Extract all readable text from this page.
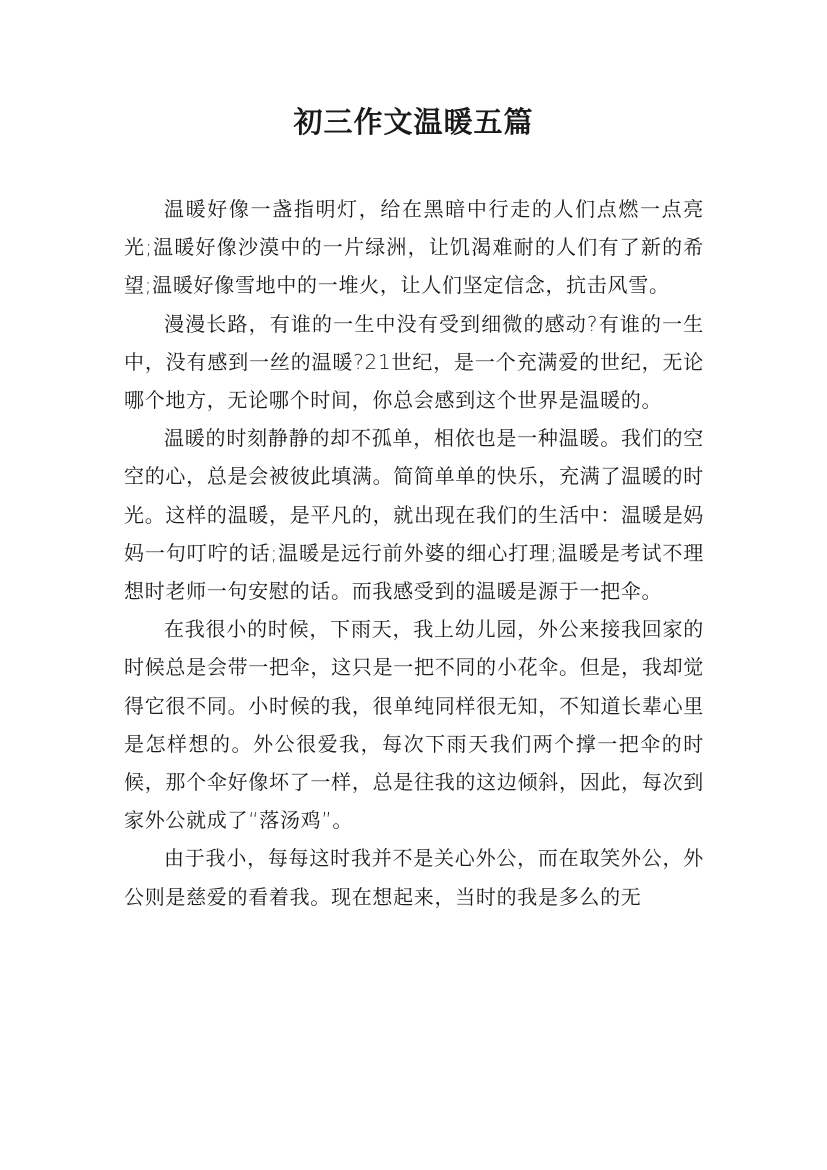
初三作文温暖五篇

温暖好像一盏指明灯，给在黑暗中行走的人们点燃一点亮光;温暖好像沙漠中的一片绿洲，让饥渴难耐的人们有了新的希望;温暖好像雪地中的一堆火，让人们坚定信念，抗击风雪。

漫漫长路，有谁的一生中没有受到细微的感动?有谁的一生中，没有感到一丝的温暖?21世纪，是一个充满爱的世纪，无论哪个地方，无论哪个时间，你总会感到这个世界是温暖的。

温暖的时刻静静的却不孤单，相依也是一种温暖。我们的空空的心，总是会被彼此填满。简简单单的快乐，充满了温暖的时光。这样的温暖，是平凡的，就出现在我们的生活中：温暖是妈妈一句叮咛的话;温暖是远行前外婆的细心打理;温暖是考试不理想时老师一句安慰的话。而我感受到的温暖是源于一把伞。

在我很小的时候，下雨天，我上幼儿园，外公来接我回家的时候总是会带一把伞，这只是一把不同的小花伞。但是，我却觉得它很不同。小时候的我，很单纯同样很无知，不知道长辈心里是怎样想的。外公很爱我，每次下雨天我们两个撑一把伞的时候，那个伞好像坏了一样，总是往我的这边倾斜，因此，每次到家外公就成了“落汤鸡”。

由于我小，每每这时我并不是关心外公，而在取笑外公，外公则是慈爱的看着我。现在想起来，当时的我是多么的无
